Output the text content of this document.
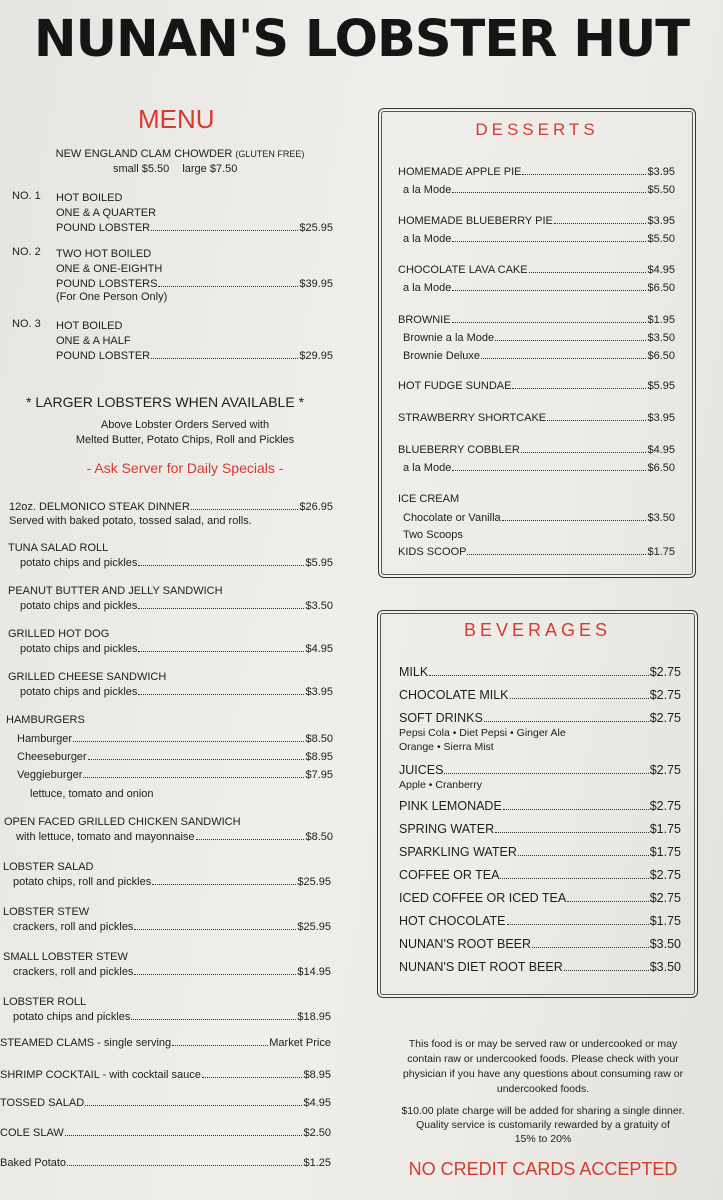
NUNAN'S LOBSTER HUT
MENU
NEW ENGLAND CLAM CHOWDER (GLUTEN FREE)
small $5.50 large $7.50
NO. 1 HOT BOILED
ONE & A QUARTER
POUND LOBSTER	$25.95
NO. 2 TWO HOT BOILED
ONE & ONE-EIGHTH
POUND LOBSTERS	$39.95
(For One Person Only)
NO. 3 HOT BOILED
ONE & A HALF
POUND LOBSTER	$29.95
* LARGER LOBSTERS WHEN AVAILABLE *
Above Lobster Orders Served with
Melted Butter, Potato Chips, Roll and Pickles
- Ask Server for Daily Specials -
12oz. DELMONICO STEAK DINNER	$26.95
Served with baked potato, tossed salad, and rolls.
TUNA SALAD ROLL
potato chips and pickles	$5.95
PEANUT BUTTER AND JELLY SANDWICH
potato chips and pickles	$3.50
GRILLED HOT DOG
potato chips and pickles	$4.95
GRILLED CHEESE SANDWICH
potato chips and pickles	$3.95
HAMBURGERS
Hamburger	$8.50
Cheeseburger	$8.95
Veggieburger	$7.95
lettuce, tomato and onion
OPEN FACED GRILLED CHICKEN SANDWICH
with lettuce, tomato and mayonnaise	$8.50
LOBSTER SALAD
potato chips, roll and pickles	$25.95
LOBSTER STEW
crackers, roll and pickles	$25.95
SMALL LOBSTER STEW
crackers, roll and pickles	$14.95
LOBSTER ROLL
potato chips and pickles	$18.95
STEAMED CLAMS - single serving	Market Price
SHRIMP COCKTAIL - with cocktail sauce	$8.95
TOSSED SALAD	$4.95
COLE SLAW	$2.50
Baked Potato	$1.25
DESSERTS
HOMEMADE APPLE PIE	$3.95
a la Mode	$5.50
HOMEMADE BLUEBERRY PIE	$3.95
a la Mode	$5.50
CHOCOLATE LAVA CAKE	$4.95
a la Mode	$6.50
BROWNIE	$1.95
Brownie a la Mode	$3.50
Brownie Deluxe	$6.50
HOT FUDGE SUNDAE	$5.95
STRAWBERRY SHORTCAKE	$3.95
BLUEBERRY COBBLER	$4.95
a la Mode	$6.50
ICE CREAM
Chocolate or Vanilla	$3.50
Two Scoops
KIDS SCOOP	$1.75
BEVERAGES
MILK	$2.75
CHOCOLATE MILK	$2.75
SOFT DRINKS	$2.75
Pepsi Cola • Diet Pepsi • Ginger Ale
Orange • Sierra Mist
JUICES	$2.75
Apple • Cranberry
PINK LEMONADE	$2.75
SPRING WATER	$1.75
SPARKLING WATER	$1.75
COFFEE OR TEA	$2.75
ICED COFFEE OR ICED TEA	$2.75
HOT CHOCOLATE	$1.75
NUNAN'S ROOT BEER	$3.50
NUNAN'S DIET ROOT BEER	$3.50
This food is or may be served raw or undercooked or may
contain raw or undercooked foods. Please check with your
physician if you have any questions about consuming raw or
undercooked foods.
$10.00 plate charge will be added for sharing a single dinner.
Quality service is customarily rewarded by a gratuity of
15% to 20%
NO CREDIT CARDS ACCEPTED
